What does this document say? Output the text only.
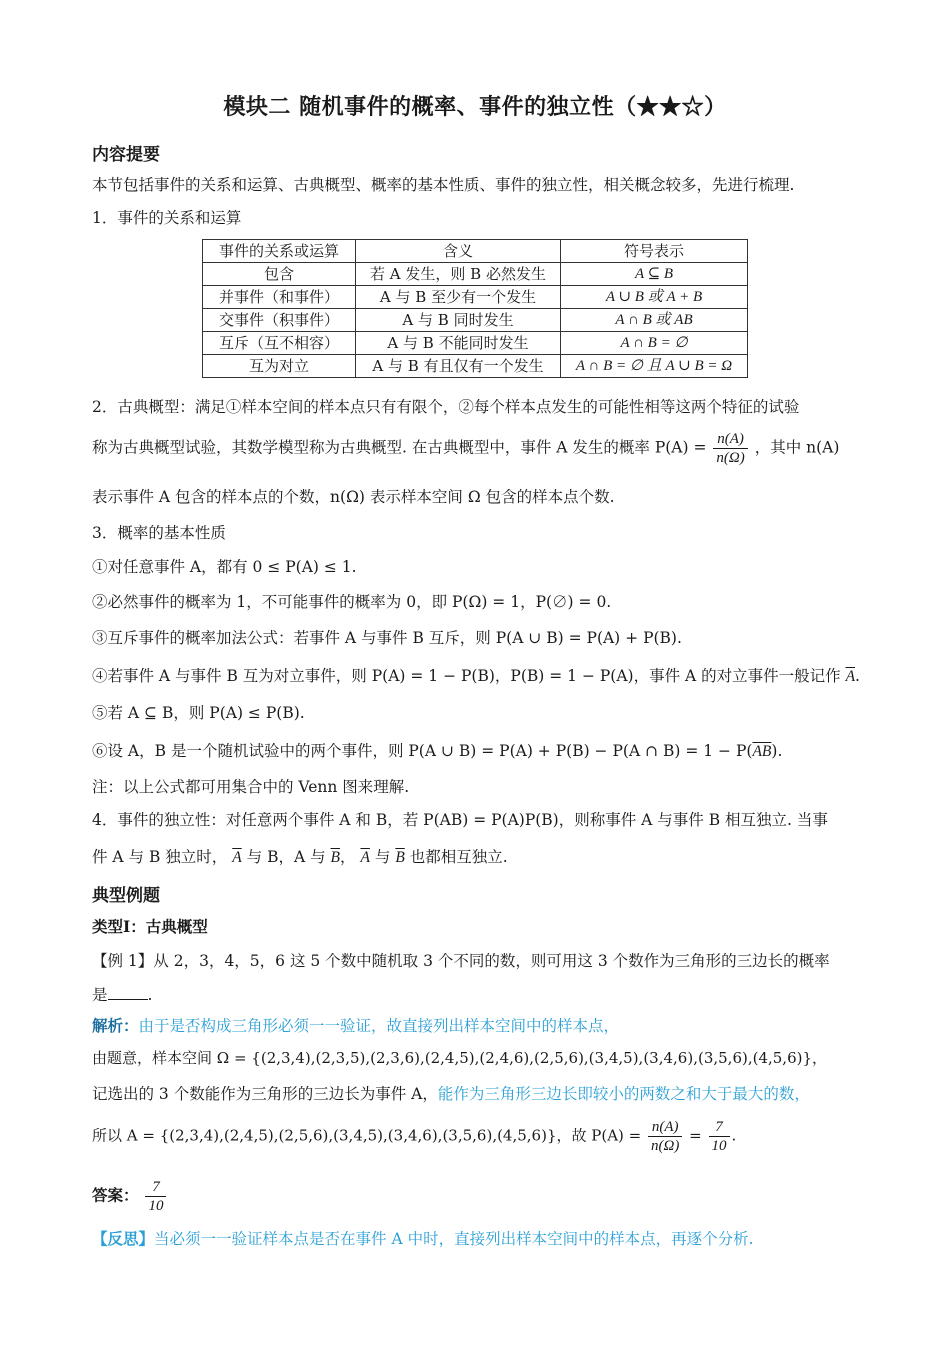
模块二 随机事件的概率、事件的独立性（★★☆）
内容提要
本节包括事件的关系和运算、古典概型、概率的基本性质、事件的独立性，相关概念较多，先进行梳理.
1．事件的关系和运算
事件的关系或运算	含义	符号表示
包含	若 A 发生，则 B 必然发生	A ⊆ B
并事件（和事件）	A 与 B 至少有一个发生	A ∪ B 或 A + B
交事件（积事件）	A 与 B 同时发生	A ∩ B 或 AB
互斥（互不相容）	A 与 B 不能同时发生	A ∩ B = ∅
互为对立	A 与 B 有且仅有一个发生	A ∩ B = ∅ 且 A ∪ B = Ω
2．古典概型：满足①样本空间的样本点只有有限个，②每个样本点发生的可能性相等这两个特征的试验
称为古典概型试验，其数学模型称为古典概型. 在古典概型中，事件 A 发生的概率 $P(A) = \frac{n(A)}{n(\Omega)}$ ，其中 n(A)
表示事件 A 包含的样本点的个数，n(Ω) 表示样本空间 Ω 包含的样本点个数.
3．概率的基本性质
①对任意事件 A，都有 0 ≤ P(A) ≤ 1.
②必然事件的概率为 1，不可能事件的概率为 0，即 P(Ω) = 1，P(∅) = 0.
③互斥事件的概率加法公式：若事件 A 与事件 B 互斥，则 P(A ∪ B) = P(A) + P(B).
④若事件 A 与事件 B 互为对立事件，则 P(A) = 1 − P(B)，P(B) = 1 − P(A)，事件 A 的对立事件一般记作 $\overline{A}$.
⑤若 A ⊆ B，则 P(A) ≤ P(B).
⑥设 A，B 是一个随机试验中的两个事件，则 P(A ∪ B) = P(A) + P(B) − P(A ∩ $B) = 1 - P(\overline{AB})$.
注：以上公式都可用集合中的 Venn 图来理解.
4．事件的独立性：对任意两个事件 A 和 B，若 P(AB) = P(A)P(B)，则称事件 A 与事件 B 相互独立. 当事
件 A 与 B 独立时， $\overline{A}$ 与 B，A 与 $\overline{B}$， $\overline{A}$ 与 $\overline{B}$ 也都相互独立.
典型例题
类型Ⅰ：古典概型
【例 1】从 2，3，4，5，6 这 5 个数中随机取 3 个不同的数，则可用这 3 个数作为三角形的三边长的概率
是	.
解析：由于是否构成三角形必须一一验证，故直接列出样本空间中的样本点，
由题意，样本空间 Ω = {(2,3,4),(2,3,5),(2,3,6),(2,4,5),(2,4,6),(2,5,6),(3,4,5),(3,4,6),(3,5,6),(4,5,6)}，
记选出的 3 个数能作为三角形的三边长为事件 A，能作为三角形三边长即较小的两数之和大于最大的数，
所以 A = {(2,3,4),(2,4,5),(2,5,6),(3,4,5),(3,4,6),(3,5,6),(4,5,6)}，故 $P(A) = \frac{n(A)}{n(\Omega)} = \frac{7}{10}$ .
答案： $\frac{7}{10}$
【反思】当必须一一验证样本点是否在事件 A 中时，直接列出样本空间中的样本点，再逐个分析.
